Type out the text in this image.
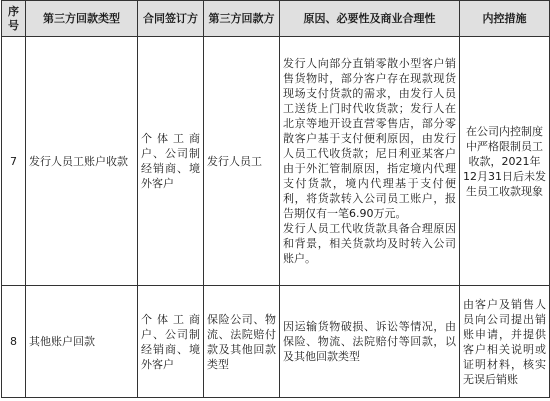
序号	第三方回款类型	合同签订方	第三方回款方	原因、必要性及商业合理性	内控措施
7	发行人员工账户收款	个体工商户、公司制经销商、境外客户	发行人员工	发行人向部分直销零散小型客户销售货物时，部分客户存在现款现货现场支付货款的需求，由发行人员工送货上门时代收货款；发行人在北京等地开设直营零售店，部分零散客户基于支付便利原因，由发行人员工代收货款；尼日利亚某客户由于外汇管制原因，指定境内代理支付货款，境内代理基于支付便利，将货款转入公司员工账户，报告期仅有一笔6.90万元。
发行人员工代收货款具备合理原因和背景，相关货款均及时转入公司账户。	在公司内控制度中严格限制员工收款，2021年12月31日后未发生员工收款现象
8	其他账户回款	个体工商户、公司制经销商、境外客户	保险公司、物流、法院赔付款及其他回款类型	因运输货物破损、诉讼等情况，由保险、物流、法院赔付等回款，以及其他回款类型	由客户及销售人员向公司提出销账申请，并提供客户相关说明或证明材料，核实无误后销账
